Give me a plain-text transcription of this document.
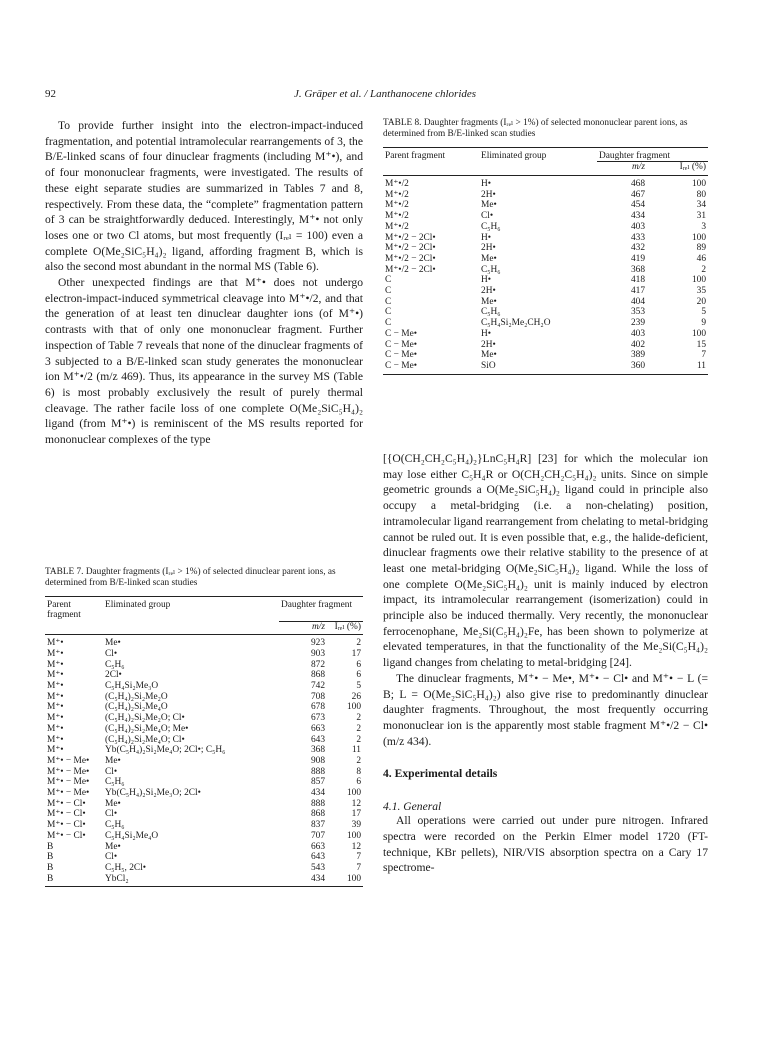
92	J. Gräper et al. / Lanthanocene chlorides

To provide further insight into the electron-impact-induced fragmentation, and potential intramolecular rearrangements of 3, the B/E-linked scans of four dinuclear fragments (including M⁺•), and of four mononuclear fragments, were investigated. The results of these eight separate studies are summarized in Tables 7 and 8, respectively. From these data, the “complete” fragmentation pattern of 3 can be straightforwardly deduced. Interestingly, M⁺• not only loses one or two Cl atoms, but most frequently (Iᵣₑₗ = 100) even a complete O(Me₂SiC₅H₄)₂ ligand, affording fragment B, which is also the second most abundant in the normal MS (Table 6).

Other unexpected findings are that M⁺• does not undergo electron-impact-induced symmetrical cleavage into M⁺•/2, and that the generation of at least ten dinuclear daughter ions (of M⁺•) contrasts with that of only one mononuclear fragment. Further inspection of Table 7 reveals that none of the dinuclear fragments of 3 subjected to a B/E-linked scan study generates the mononuclear ion M⁺•/2 (m/z 469). Thus, its appearance in the survey MS (Table 6) is most probably exclusively the result of purely thermal cleavage. The rather facile loss of one complete O(Me₂SiC₅H₄)₂ ligand (from M⁺•) is reminiscent of the MS results reported for mononuclear complexes of the type

TABLE 7. Daughter fragments (Iᵣₑₗ > 1%) of selected dinuclear parent ions, as determined from B/E-linked scan studies

Parent fragment	Eliminated group	Daughter fragment	
		m/z	Iᵣₑₗ (%)
M⁺•	Me•	923	2
M⁺•	Cl•	903	17
M⁺•	C₅H₆	872	6
M⁺•	2Cl•	868	6
M⁺•	C₅H₄Si₂Me₃O	742	5
M⁺•	(C₅H₄)₂Si₂Me₂O	708	26
M⁺•	(C₅H₄)₂Si₂Me₄O	678	100
M⁺•	(C₅H₄)₂Si₂Me₂O; Cl•	673	2
M⁺•	(C₅H₄)₂Si₂Me₄O; Me•	663	2
M⁺•	(C₅H₄)₂Si₂Me₄O; Cl•	643	2
M⁺•	Yb(C₅H₄)₂Si₂Me₄O; 2Cl•; C₅H₆	368	11
M⁺• − Me•	Me•	908	2
M⁺• − Me•	Cl•	888	8
M⁺• − Me•	C₅H₆	857	6
M⁺• − Me•	Yb(C₅H₄)₂Si₂Me₃O; 2Cl•	434	100
M⁺• − Cl•	Me•	888	12
M⁺• − Cl•	Cl•	868	17
M⁺• − Cl•	C₅H₆	837	39
M⁺• − Cl•	C₅H₄Si₂Me₄O	707	100
B	Me•	663	12
B	Cl•	643	7
B	C₅H₅, 2Cl•	543	7
B	YbCl₂	434	100

TABLE 8. Daughter fragments (Iᵣₑₗ > 1%) of selected mononuclear parent ions, as determined from B/E-linked scan studies

Parent fragment	Eliminated group	Daughter fragment	
		m/z	Iᵣₑₗ (%)
M⁺•/2	H•	468	100
M⁺•/2	2H•	467	80
M⁺•/2	Me•	454	34
M⁺•/2	Cl•	434	31
M⁺•/2	C₅H₆	403	3
M⁺•/2 − 2Cl•	H•	433	100
M⁺•/2 − 2Cl•	2H•	432	89
M⁺•/2 − 2Cl•	Me•	419	46
M⁺•/2 − 2Cl•	C₅H₆	368	2
C	H•	418	100
C	2H•	417	35
C	Me•	404	20
C	C₅H₆	353	5
C	C₅H₄Si₂Me₂CH₂O	239	9
C − Me•	H•	403	100
C − Me•	2H•	402	15
C − Me•	Me•	389	7
C − Me•	SiO	360	11

[{O(CH₂CH₂C₅H₄)₂}LnC₅H₄R] [23] for which the molecular ion may lose either C₅H₄R or O(CH₂CH₂C₅H₄)₂ units. Since on simple geometric grounds a O(Me₂SiC₅H₄)₂ ligand could in principle also occupy a metal-bridging (i.e. a non-chelating) position, intramolecular ligand rearrangement from chelating to metal-bridging cannot be ruled out. It is even possible that, e.g., the halide-deficient, dinuclear fragments owe their relative stability to the presence of at least one metal-bridging O(Me₂SiC₅H₄)₂ ligand. While the loss of one complete O(Me₂SiC₅H₄)₂ unit is mainly induced by electron impact, its intramolecular rearrangement (isomerization) could in principle also be induced thermally. Very recently, the mononuclear ferrocenophane, Me₂Si(C₅H₄)₂Fe, has been shown to polymerize at elevated temperatures, in that the functionality of the Me₂Si(C₅H₄)₂ ligand changes from chelating to metal-bridging [24].

The dinuclear fragments, M⁺• − Me•, M⁺• − Cl• and M⁺• − L (= B; L = O(Me₂SiC₅H₄)₂) also give rise to predominantly dinuclear daughter fragments. Throughout, the most frequently occurring mononuclear ion is the apparently most stable fragment M⁺•/2 − Cl• (m/z 434).

4. Experimental details
4.1. General

All operations were carried out under pure nitrogen. Infrared spectra were recorded on the Perkin Elmer model 1720 (FT-technique, KBr pellets), NIR/VIS absorption spectra on a Cary 17 spectrome-
